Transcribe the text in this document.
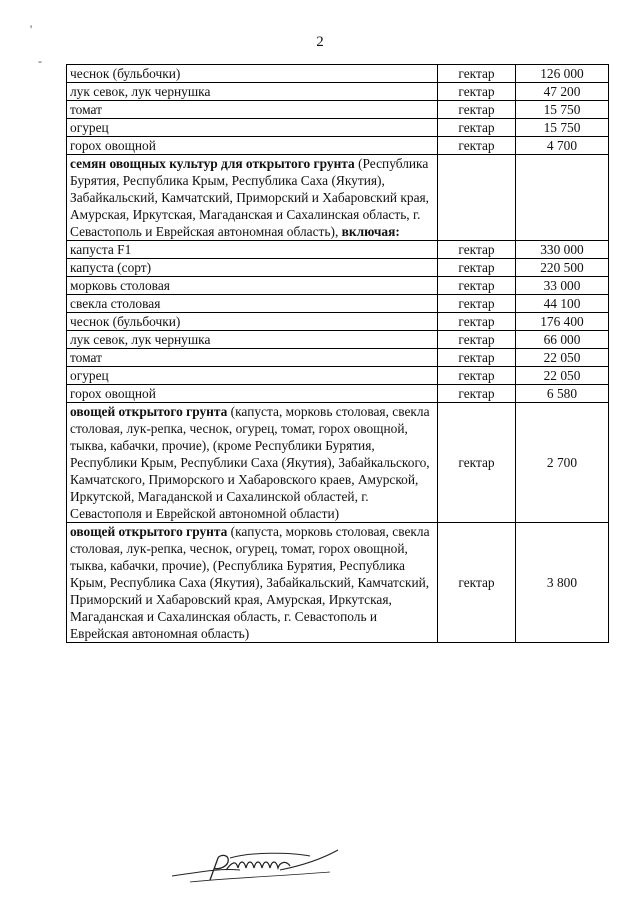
2
'
-
чеснок (бульбочки)	гектар	126 000
лук севок, лук чернушка	гектар	47 200
томат	гектар	15 750
огурец	гектар	15 750
горох овощной	гектар	4 700
семян овощных культур для открытого грунта (Республика Бурятия, Республика Крым, Республика Саха (Якутия), Забайкальский, Камчатский, Приморский и Хабаровский края, Амурская, Иркутская, Магаданская и Сахалинская область, г. Севастополь и Еврейская автономная область), включая:		
капуста F1	гектар	330 000
капуста (сорт)	гектар	220 500
морковь столовая	гектар	33 000
свекла столовая	гектар	44 100
чеснок (бульбочки)	гектар	176 400
лук севок, лук чернушка	гектар	66 000
томат	гектар	22 050
огурец	гектар	22 050
горох овощной	гектар	6 580
овощей открытого грунта (капуста, морковь столовая, свекла столовая, лук-репка, чеснок, огурец, томат, горох овощной, тыква, кабачки, прочие), (кроме Республики Бурятия, Республики Крым, Республики Саха (Якутия), Забайкальского, Камчатского, Приморского и Хабаровского краев, Амурской, Иркутской, Магаданской и Сахалинской областей, г. Севастополя и Еврейской автономной области)	гектар	2 700
овощей открытого грунта (капуста, морковь столовая, свекла столовая, лук-репка, чеснок, огурец, томат, горох овощной, тыква, кабачки, прочие), (Республика Бурятия, Республика Крым, Республика Саха (Якутия), Забайкальский, Камчатский, Приморский и Хабаровский края, Амурская, Иркутская, Магаданская и Сахалинская область, г. Севастополь и Еврейская автономная область)	гектар	3 800
